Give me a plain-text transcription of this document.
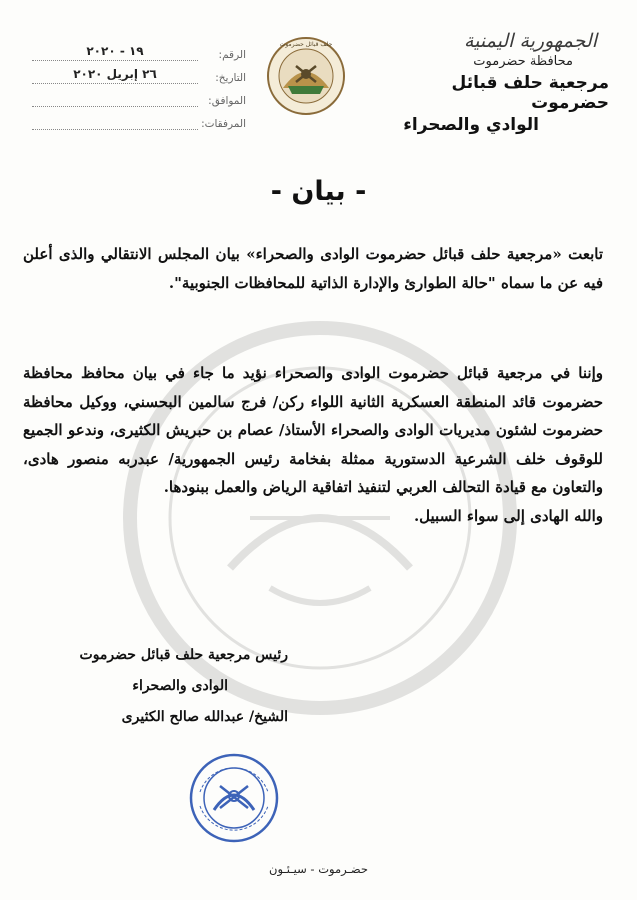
الجمهورية اليمنية
محافظة حضرموت
مرجعية حلف قبائل حضرموت
الوادي والصحراء
حلف قبائل حضرموت
الرقم:
١٩ - ٢٠٢٠
التاريخ:
٢٦ إبريل ٢٠٢٠
الموافق:
المرفقات:
- بيان -

تابعت «مرجعية حلف قبائل حضرموت الوادى والصحراء» بيان المجلس الانتقالي والذى أعلن فيه عن ما سماه "حالة الطوارئ والإدارة الذاتية للمحافظات الجنوبية".

وإننا في مرجعية قبائل حضرموت الوادى والصحراء نؤيد ما جاء في بيان محافظ محافظة حضرموت قائد المنطقة العسكرية الثانية اللواء ركن/ فرج سالمين البحسني، ووكيل محافظة حضرموت لشئون مديريات الوادى والصحراء الأستاذ/ عصام بن حبريش الكثيرى، وندعو الجميع للوقوف خلف الشرعية الدستورية ممثلة بفخامة رئيس الجمهورية/ عبدربه منصور هادى، والتعاون مع قيادة التحالف العربي لتنفيذ اتفاقية الرياض والعمل ببنودها.

والله الهادى إلى سواء السبيل.

رئيس مرجعية حلف قبائل حضرموت
الوادى والصحراء
الشيخ/ عبدالله صالح الكثيرى
حضـرموت - سيـئـون
